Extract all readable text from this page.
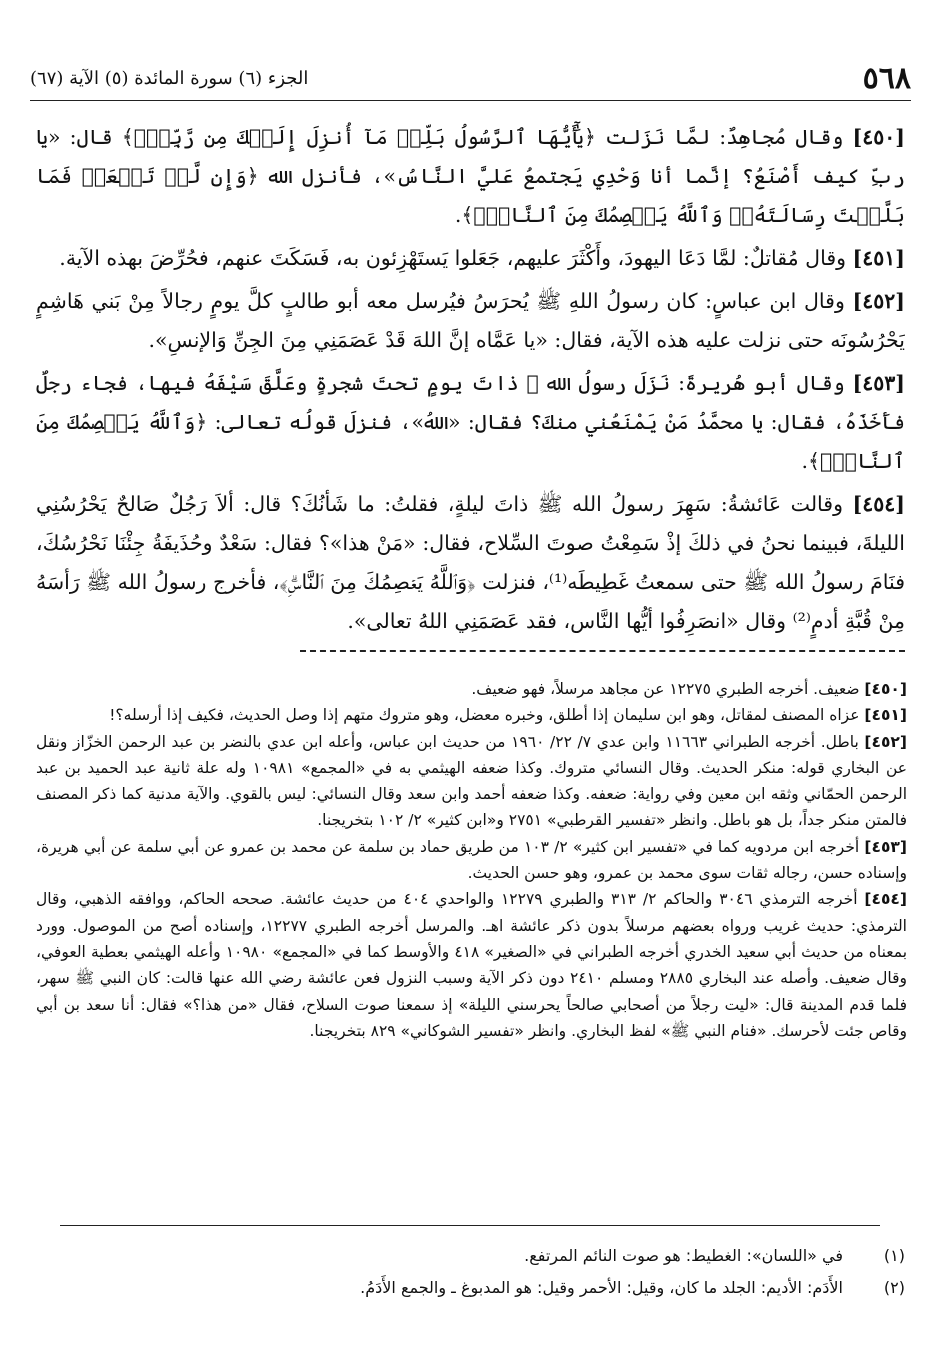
٥٦٨
الجزء (٦) سورة المائدة (٥) الآية (٦٧)

[٤٥٠] وقال مُجاهِدٌ: لمَّا نَزَلت ﴿يَٰٓأَيُّهَا ٱلرَّسُولُ بَلِّغۡ مَآ أُنزِلَ إِلَيۡكَ مِن رَّبِّكَۖ﴾ قال: «يا ربِّ كيف أَصْنَعُ؟ إنَّما أنا وَحْدِي يَجتمعُ عَليَّ النَّاسُ»، فأنزل الله ﴿وَإِن لَّمۡ تَفۡعَلۡ فَمَا بَلَّغۡتَ رِسَالَتَهُۥۚ وَٱللَّهُ يَعۡصِمُكَ مِنَ ٱلنَّاسِۗ﴾.

[٤٥١] وقال مُقاتلٌ: لمَّا دَعَا اليهودَ، وأَكْثَرَ عليهم، جَعَلوا يَستَهْزِئون به، فَسَكَتَ عنهم، فحُرِّضَ بهذه الآية.

[٤٥٢] وقال ابن عباسٍ: كان رسولُ اللهِ ﷺ يُحرَسُ فيُرسل معه أبو طالبٍ كلَّ يومٍ رجالاً مِنْ بَني هَاشِمٍ يَحْرُسُونَه حتى نزلت عليه هذه الآية، فقال: «يا عَمَّاه إنَّ اللهَ قَدْ عَصَمَنِي مِنَ الجِنِّ وَالإنسِ».

[٤٥٣] وقال أبو هُريرةَ: نَزَلَ رسولُ الله ﷺ ذاتَ يومٍ تحتَ شجرةٍ وعَلَّقَ سَيْفَهُ فيها، فجاء رجلٌ فأَخَذَهُ، فقال: يا محمَّدُ مَنْ يَمْنَعُني منكَ؟ فقال: «اللهُ»، فنزلَ قولُه تعالى: ﴿وَٱللَّهُ يَعۡصِمُكَ مِنَ ٱلنَّاسِۗ﴾.

[٤٥٤] وقالت عَائشةُ: سَهِرَ رسولُ الله ﷺ ذاتَ ليلةٍ، فقلتُ: ما شَأنُكَ؟ قال: ألاَ رَجُلٌ صَالحٌ يَحْرُسُنِي الليلةَ، فبينما نحنُ في ذلكَ إذْ سَمِعْتُ صوتَ السِّلاح، فقال: «مَنْ هذا»؟ فقال: سَعْدٌ وحُذَيفَةُ جِئْنَا نَحْرُسُكَ، فنَامَ رسولُ الله ﷺ حتى سمعتُ غَطِيطَه⁽¹⁾، فنزلت ﴿وَٱللَّهُ يَعۡصِمُكَ مِنَ ٱلنَّاسِۗ﴾، فأخرج رسولُ الله ﷺ رَأسَهُ مِنْ قُبَّةِ أدمٍ⁽²⁾ وقال «انصَرِفُوا أيُّها النَّاس، فقد عَصَمَنِي اللهُ تعالى».

[٤٥٠] ضعيف. أخرجه الطبري ١٢٢٧٥ عن مجاهد مرسلاً، فهو ضعيف.

[٤٥١] عزاه المصنف لمقاتل، وهو ابن سليمان إذا أطلق، وخبره معضل، وهو متروك متهم إذا وصل الحديث، فكيف إذا أرسله؟!

[٤٥٢] باطل. أخرجه الطبراني ١١٦٦٣ وابن عدي ٧/ ٢٢/ ١٩٦٠ من حديث ابن عباس، وأعله ابن عدي بالنضر بن عبد الرحمن الخزّاز ونقل عن البخاري قوله: منكر الحديث. وقال النسائي متروك. وكذا ضعفه الهيثمي به في «المجمع» ١٠٩٨١ وله علة ثانية عبد الحميد بن عبد الرحمن الحمّاني وثقه ابن معين وفي رواية: ضعفه. وكذا ضعفه أحمد وابن سعد وقال النسائي: ليس بالقوي. والآية مدنية كما ذكر المصنف فالمتن منكر جداً، بل هو باطل. وانظر «تفسير القرطبي» ٢٧٥١ و«ابن كثير» ٢/ ١٠٢ بتخريجنا.

[٤٥٣] أخرجه ابن مردويه كما في «تفسير ابن كثير» ٢/ ١٠٣ من طريق حماد بن سلمة عن محمد بن عمرو عن أبي سلمة عن أبي هريرة، وإسناده حسن، رجاله ثقات سوى محمد بن عمرو، وهو حسن الحديث.

[٤٥٤] أخرجه الترمذي ٣٠٤٦ والحاكم ٢/ ٣١٣ والطبري ١٢٢٧٩ والواحدي ٤٠٤ من حديث عائشة. صححه الحاكم، ووافقه الذهبي، وقال الترمذي: حديث غريب ورواه بعضهم مرسلاً بدون ذكر عائشة اهـ. والمرسل أخرجه الطبري ١٢٢٧٧، وإسناده أصح من الموصول. وورد بمعناه من حديث أبي سعيد الخدري أخرجه الطبراني في «الصغير» ٤١٨ والأوسط كما في «المجمع» ١٠٩٨٠ وأعله الهيثمي بعطية العوفي، وقال ضعيف. وأصله عند البخاري ٢٨٨٥ ومسلم ٢٤١٠ دون ذكر الآية وسبب النزول فعن عائشة رضي الله عنها قالت: كان النبي ﷺ سهر، فلما قدم المدينة قال: «ليت رجلاً من أصحابي صالحاً يحرسني الليلة» إذ سمعنا صوت السلاح، فقال «من هذا؟» فقال: أنا سعد بن أبي وقاص جئت لأحرسك. «فنام النبي ﷺ» لفظ البخاري. وانظر «تفسير الشوكاني» ٨٢٩ بتخريجنا.

(١)
في «اللسان»: الغطيط: هو صوت النائم المرتفع.
(٢)
الأَدَم: الأديم: الجلد ما كان، وقيل: الأحمر وقيل: هو المدبوغ ـ والجمع الأَدَمُ.
